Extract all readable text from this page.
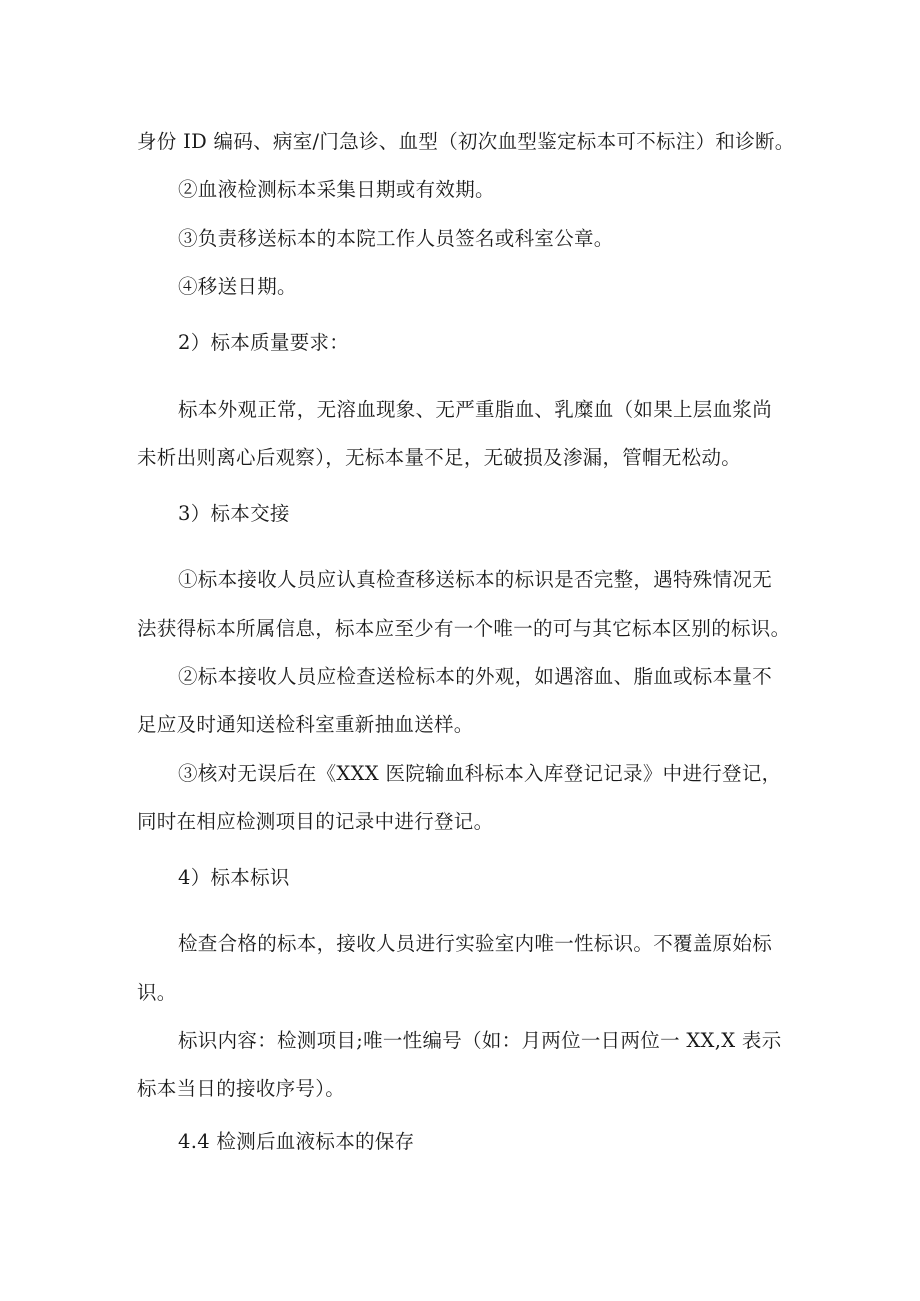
身份 ID 编码、病室/门急诊、血型（初次血型鉴定标本可不标注）和诊断。
②血液检测标本采集日期或有效期。
③负责移送标本的本院工作人员签名或科室公章。
④移送日期。
2）标本质量要求：
标本外观正常，无溶血现象、无严重脂血、乳糜血（如果上层血浆尚
未析出则离心后观察），无标本量不足，无破损及渗漏，管帽无松动。
3）标本交接
①标本接收人员应认真检查移送标本的标识是否完整，遇特殊情况无
法获得标本所属信息，标本应至少有一个唯一的可与其它标本区别的标识。
②标本接收人员应检查送检标本的外观，如遇溶血、脂血或标本量不
足应及时通知送检科室重新抽血送样。
③核对无误后在《XXX 医院输血科标本入库登记记录》中进行登记，
同时在相应检测项目的记录中进行登记。
4）标本标识
检查合格的标本，接收人员进行实验室内唯一性标识。不覆盖原始标
识。
标识内容：检测项目;唯一性编号（如：月两位一日两位一 XX,X 表示
标本当日的接收序号）。
4.4 检测后血液标本的保存
